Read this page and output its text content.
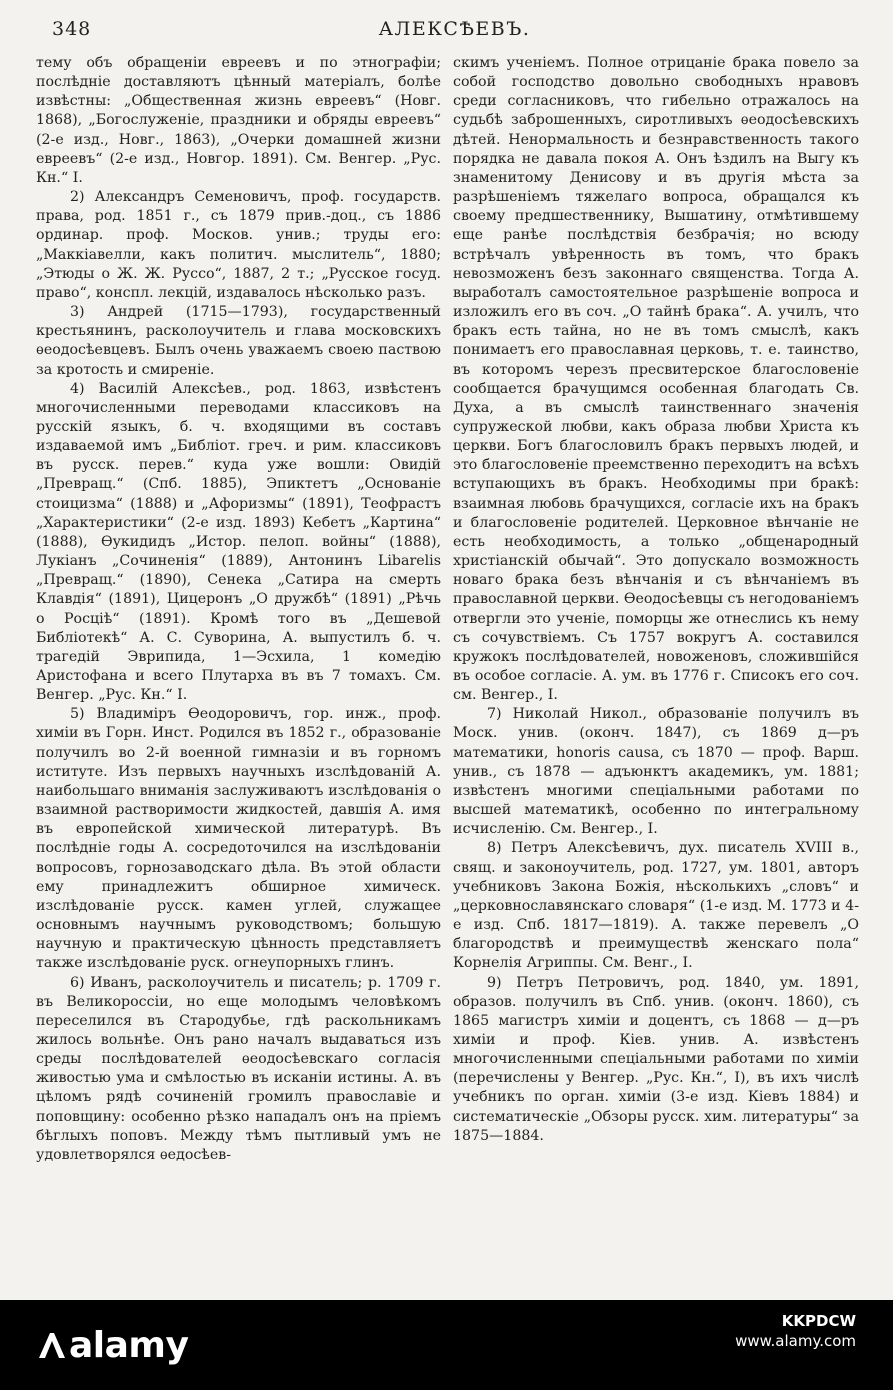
348	АЛЕКСѢЕВЪ.

тему объ обращеніи евреевъ и по этнографіи; послѣдніе доставляютъ цѣнный матеріалъ, болѣе извѣстны: „Общественная жизнь евреевъ“ (Новг. 1868), „Богослуженіе, праздники и обряды евреевъ“ (2-е изд., Новг., 1863), „Очерки домашней жизни евреевъ“ (2-е изд., Новгор. 1891). См. Венгер. „Рус. Кн.“ I.

2) Александръ Семеновичъ, проф. государств. права, род. 1851 г., съ 1879 прив.-доц., съ 1886 ординар. проф. Москов. унив.; труды его: „Маккіавелли, какъ политич. мыслитель“, 1880; „Этюды о Ж. Ж. Руссо“, 1887, 2 т.; „Русское госуд. право“, конспл. лекцій, издавалось нѣсколько разъ.

3) Андрей (1715—1793), государственный крестьянинъ, расколоучитель и глава московскихъ ѳеодосѣевцевъ. Былъ очень уважаемъ своею паствою за кротость и смиреніе.

4) Василій Алексѣев., род. 1863, извѣстенъ многочисленными переводами классиковъ на русскій языкъ, б. ч. входящими въ составъ издаваемой имъ „Библіот. греч. и рим. классиковъ въ русск. перев.“ куда уже вошли: Овидій „Превращ.“ (Спб. 1885), Эпиктетъ „Основаніе стоицизма“ (1888) и „Афоризмы“ (1891), Теофрастъ „Характеристики“ (2-е изд. 1893) Кебетъ „Картина“ (1888), Ѳукидидъ „Истор. пелоп. войны“ (1888), Лукіанъ „Сочиненія“ (1889), Антонинъ Libarelis „Превращ.“ (1890), Сенека „Сатира на смерть Клавдія“ (1891), Цицеронъ „О дружбѣ“ (1891) „Рѣчь о Росціѣ“ (1891). Кромѣ того въ „Дешевой Библіотекѣ“ А. С. Суворина, А. выпустилъ б. ч. трагедій Эврипида, 1—Эсхила, 1 комедію Аристофана и всего Плутарха въ въ 7 томахъ. См. Венгер. „Рус. Кн.“ I.

5) Владиміръ Ѳеодоровичъ, гор. инж., проф. химіи въ Горн. Инст. Родился въ 1852 г., образованіе получилъ во 2-й военной гимназіи и въ горномъ иституте. Изъ первыхъ научныхъ изслѣдованій А. наибольшаго вниманія заслуживаютъ изслѣдованія о взаимной растворимости жидкостей, давшія А. имя въ европейской химической литературѣ. Въ послѣдніе годы А. сосредоточился на изслѣдованіи вопросовъ, горнозаводскаго дѣла. Въ этой области ему принадлежитъ обширное химическ. изслѣдованіе русск. камен углей, служащее основнымъ научнымъ руководствомъ; большую научную и практическую цѣнность представляетъ также изслѣдованіе руск. огнеупорныхъ глинъ.

6) Иванъ, расколоучитель и писатель; р. 1709 г. въ Великороссіи, но еще молодымъ человѣкомъ переселился въ Стародубье, гдѣ раскольникамъ жилось вольнѣе. Онъ рано началъ выдаваться изъ среды послѣдователей ѳеодосѣевскаго согласія живостью ума и смѣлостью въ исканіи истины. А. въ цѣломъ рядѣ сочиненій громилъ православіе и поповщину: особенно рѣзко нападалъ онъ на пріемъ бѣглыхъ поповъ. Между тѣмъ пытливый умъ не удовлетворялся ѳедосѣев-

скимъ ученіемъ. Полное отрицаніе брака повело за собой господство довольно свободныхъ нравовъ среди согласниковъ, что гибельно отражалось на судьбѣ заброшенныхъ, сиротливыхъ ѳеодосѣевскихъ дѣтей. Ненормальность и безнравственность такого порядка не давала покоя А. Онъ ѣздилъ на Выгу къ знаменитому Денисову и въ другія мѣста за разрѣшеніемъ тяжелаго вопроса, обращался къ своему предшественнику, Вышатину, отмѣтившему еще ранѣе послѣдствія безбрачія; но всюду встрѣчалъ увѣренность въ томъ, что бракъ невозможенъ безъ законнаго священства. Тогда А. выработалъ самостоятельное разрѣшеніе вопроса и изложилъ его въ соч. „О тайнѣ брака“. А. училъ, что бракъ есть тайна, но не въ томъ смыслѣ, какъ понимаетъ его православная церковь, т. е. таинство, въ которомъ черезъ пресвитерское благословеніе сообщается брачущимся особенная благодать Св. Духа, а въ смыслѣ таинственнаго значенія супружеской любви, какъ образа любви Христа къ церкви. Богъ благословилъ бракъ первыхъ людей, и это благословеніе преемственно переходитъ на всѣхъ вступающихъ въ бракъ. Необходимы при бракѣ: взаимная любовь брачущихся, согласіе ихъ на бракъ и благословеніе родителей. Церковное вѣнчаніе не есть необходимость, а только „общенародный христіанскій обычай“. Это допускало возможность новаго брака безъ вѣнчанія и съ вѣнчаніемъ въ православной церкви. Ѳеодосѣевцы съ негодованіемъ отвергли это ученіе, поморцы же отнеслись къ нему съ сочувствіемъ. Съ 1757 вокругъ А. составился кружокъ послѣдователей, новоженовъ, сложившійся въ особое согласіе. А. ум. въ 1776 г. Списокъ его соч. см. Венгер., I.

7) Николай Никол., образованіе получилъ въ Моск. унив. (оконч. 1847), съ 1869 д—ръ математики, honoris causa, съ 1870 — проф. Варш. унив., съ 1878 — адъюнктъ академикъ, ум. 1881; извѣстенъ многими спеціальными работами по высшей математикѣ, особенно по интегральному исчисленію. См. Венгер., I.

8) Петръ Алексѣевичъ, дух. писатель XVIII в., свящ. и законоучитель, род. 1727, ум. 1801, авторъ учебниковъ Закона Божія, нѣсколькихъ „словъ“ и „церковнославянскаго словаря“ (1-е изд. М. 1773 и 4-е изд. Спб. 1817—1819). А. также перевелъ „О благородствѣ и преимуществѣ женскаго пола“ Корнелія Агриппы. См. Венг., I.

9) Петръ Петровичъ, род. 1840, ум. 1891, образов. получилъ въ Спб. унив. (оконч. 1860), съ 1865 магистръ химіи и доцентъ, съ 1868 — д—ръ химіи и проф. Кіев. унив. А. извѣстенъ многочисленными спеціальными работами по химіи (перечислены у Венгер. „Рус. Кн.“, I), въ ихъ числѣ учебникъ по орган. химіи (3-е изд. Кіевъ 1884) и систематическіе „Обзоры русск. хим. литературы“ за 1875—1884.

alamy
KKPDCW
www.alamy.com
